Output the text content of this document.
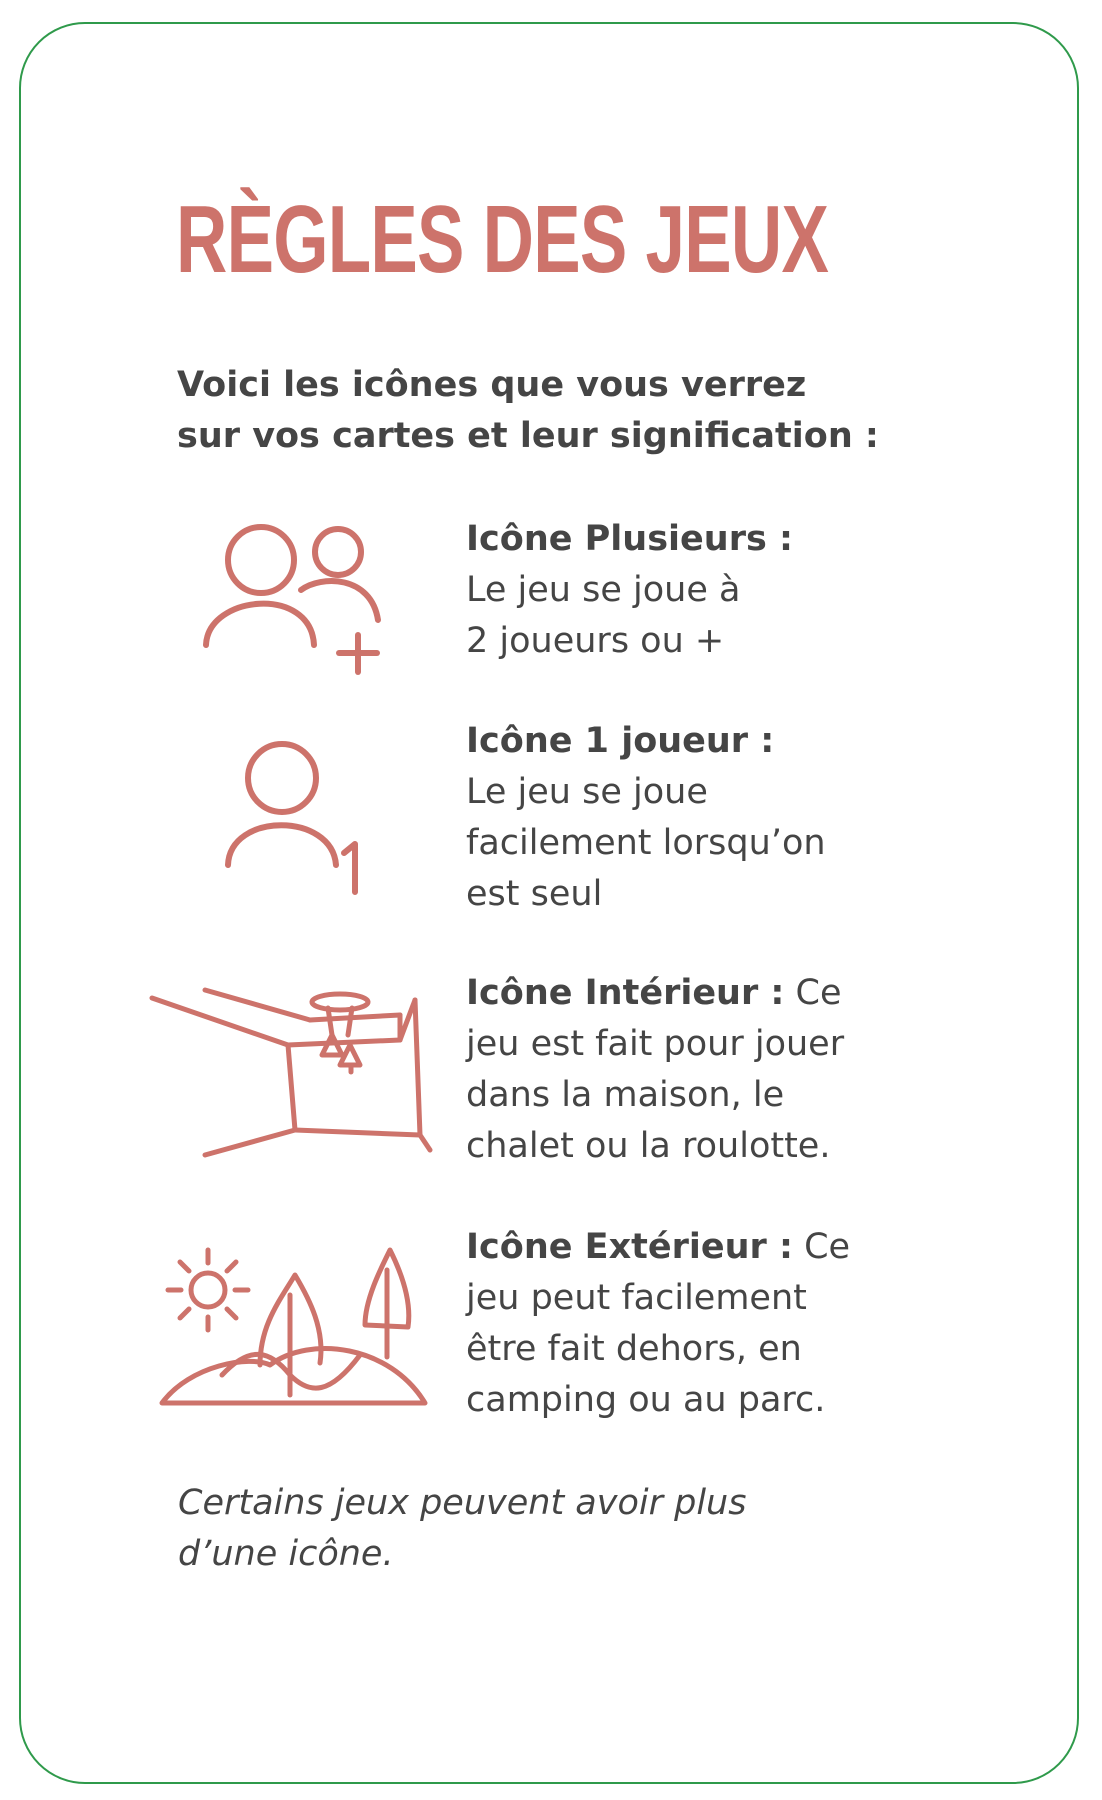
RÈGLES DES JEUX
Voici les icônes que vous verrez
sur vos cartes et leur signification :
Icône Plusieurs :
Le jeu se joue à
2 joueurs ou +
Icône 1 joueur :
Le jeu se joue
facilement lorsqu’on
est seul
Icône Intérieur : Ce
jeu est fait pour jouer
dans la maison, le
chalet ou la roulotte.
Icône Extérieur : Ce
jeu peut facilement
être fait dehors, en
camping ou au parc.
Certains jeux peuvent avoir plus
d’une icône.
